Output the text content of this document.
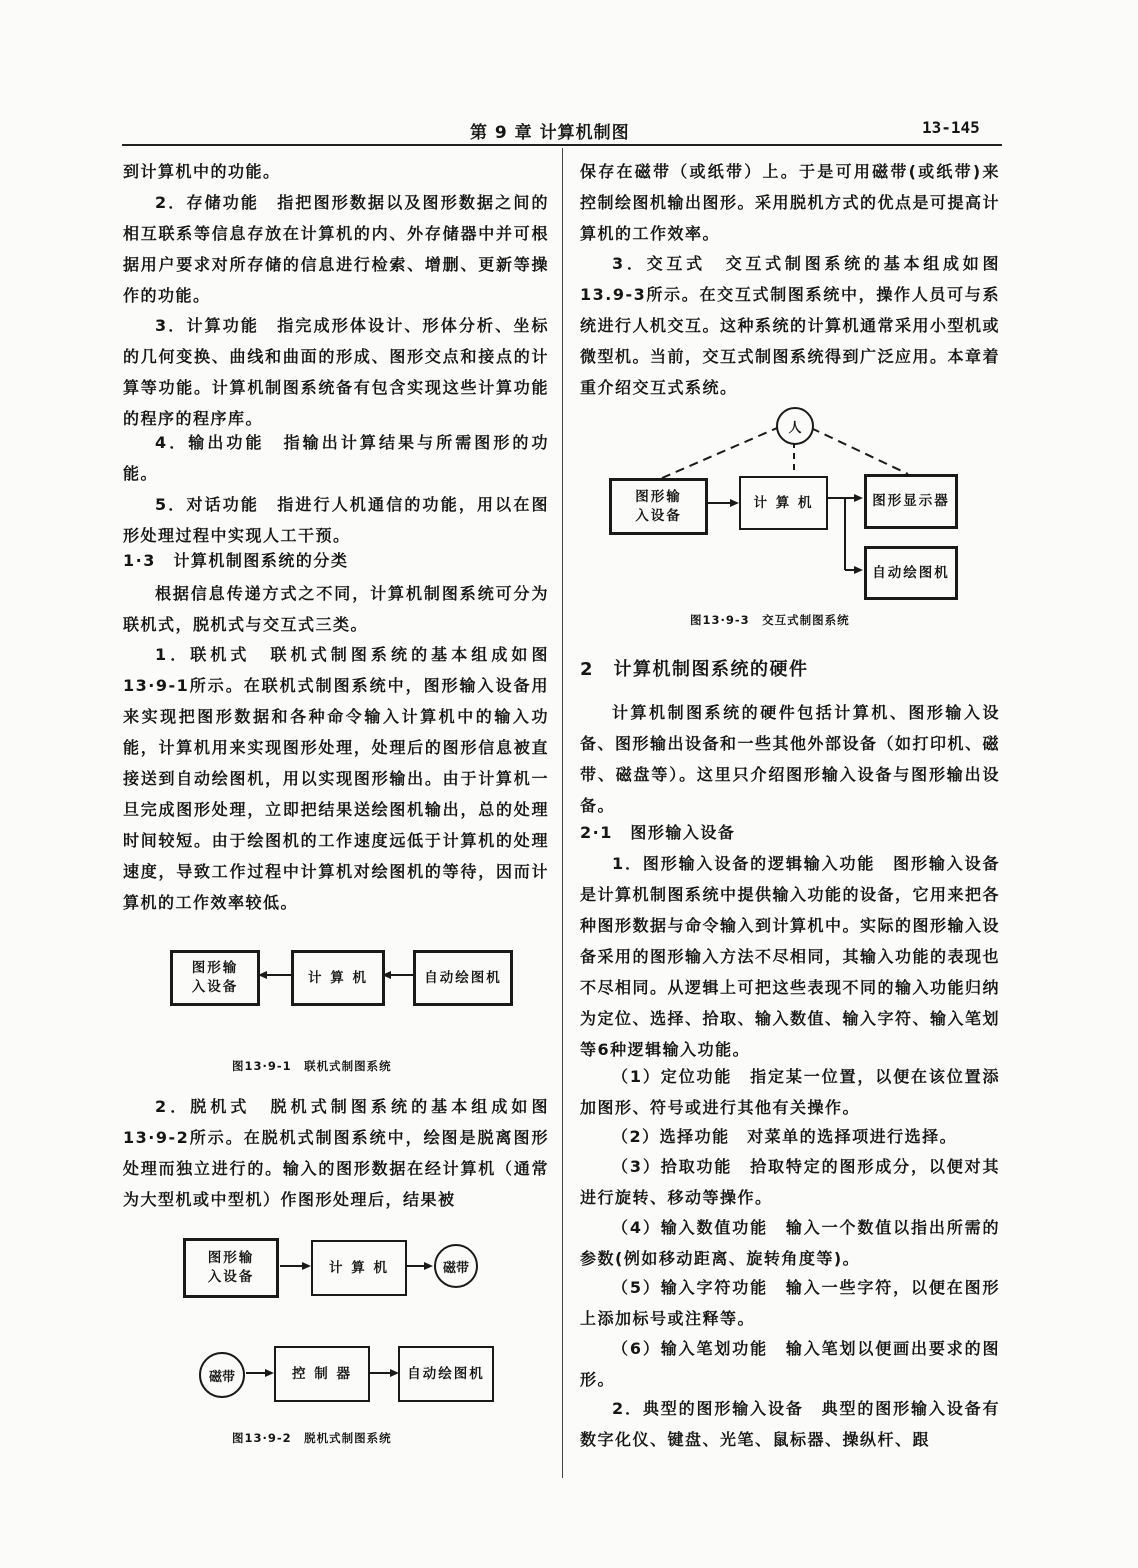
第 9 章 计算机制图	13-145

到计算机中的功能。

2．存储功能　指把图形数据以及图形数据之间的相互联系等信息存放在计算机的内、外存储器中并可根据用户要求对所存储的信息进行检索、增删、更新等操作的功能。

3．计算功能　指完成形体设计、形体分析、坐标的几何变换、曲线和曲面的形成、图形交点和接点的计算等功能。计算机制图系统备有包含实现这些计算功能的程序的程序库。

4．输出功能　指输出计算结果与所需图形的功能。

5．对话功能　指进行人机通信的功能，用以在图形处理过程中实现人工干预。

1·3　计算机制图系统的分类

根据信息传递方式之不同，计算机制图系统可分为联机式，脱机式与交互式三类。

1．联机式　联机式制图系统的基本组成如图13·9-1所示。在联机式制图系统中，图形输入设备用来实现把图形数据和各种命令输入计算机中的输入功能，计算机用来实现图形处理，处理后的图形信息被直接送到自动绘图机，用以实现图形输出。由于计算机一旦完成图形处理，立即把结果送绘图机输出，总的处理时间较短。由于绘图机的工作速度远低于计算机的处理速度，导致工作过程中计算机对绘图机的等待，因而计算机的工作效率较低。

2．脱机式　脱机式制图系统的基本组成如图13·9-2所示。在脱机式制图系统中，绘图是脱离图形处理而独立进行的。输入的图形数据在经计算机（通常为大型机或中型机）作图形处理后，结果被

图形输
入设备
计 算 机	自动绘图机
图13·9-1　联机式制图系统
图形输
入设备
计 算 机	磁带
磁带	控 制 器	自动绘图机
图13·9-2　脱机式制图系统

保存在磁带（或纸带）上。于是可用磁带(或纸带)来控制绘图机输出图形。采用脱机方式的优点是可提高计算机的工作效率。

3．交互式　交互式制图系统的基本组成如图13.9-3所示。在交互式制图系统中，操作人员可与系统进行人机交互。这种系统的计算机通常采用小型机或微型机。当前，交互式制图系统得到广泛应用。本章着重介绍交互式系统。

人
图形输
入设备
计 算 机	图形显示器
自动绘图机
图13·9-3　交互式制图系统

2　计算机制图系统的硬件

计算机制图系统的硬件包括计算机、图形输入设备、图形输出设备和一些其他外部设备（如打印机、磁带、磁盘等）。这里只介绍图形输入设备与图形输出设备。

2·1　图形输入设备

1．图形输入设备的逻辑输入功能　图形输入设备是计算机制图系统中提供输入功能的设备，它用来把各种图形数据与命令输入到计算机中。实际的图形输入设备采用的图形输入方法不尽相同，其输入功能的表现也不尽相同。从逻辑上可把这些表现不同的输入功能归纳为定位、选择、拾取、输入数值、输入字符、输入笔划等6种逻辑输入功能。

（1）定位功能　指定某一位置，以便在该位置添加图形、符号或进行其他有关操作。

（2）选择功能　对菜单的选择项进行选择。

（3）拾取功能　拾取特定的图形成分，以便对其进行旋转、移动等操作。

（4）输入数值功能　输入一个数值以指出所需的参数(例如移动距离、旋转角度等)。

（5）输入字符功能　输入一些字符，以便在图形上添加标号或注释等。

（6）输入笔划功能　输入笔划以便画出要求的图形。

2．典型的图形输入设备　典型的图形输入设备有数字化仪、键盘、光笔、鼠标器、操纵杆、跟
